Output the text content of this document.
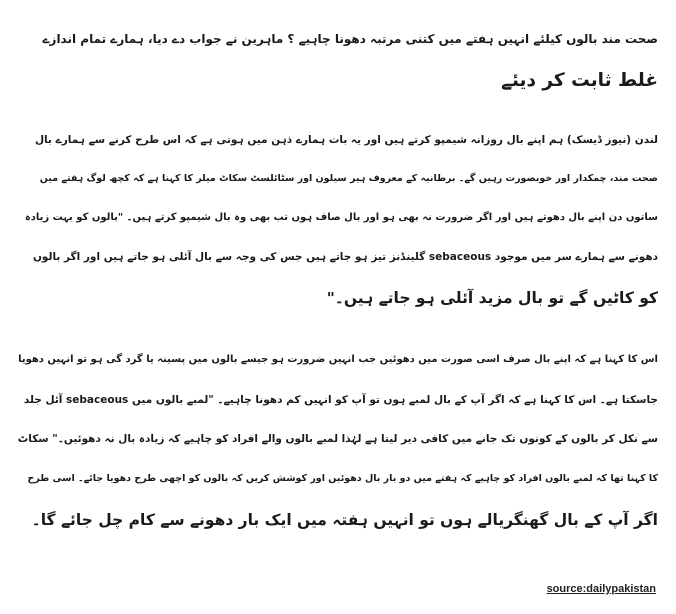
صحت مند بالوں کیلئے انہیں ہفتے میں کتنی مرتبہ دھونا چاہیے ؟ ماہرین نے جواب دے دیا، ہمارے تمام اندازے
غلط ثابت کر دیئے
لندن (نیوز ڈیسک) ہم اپنے بال روزانہ شیمپو کرتے ہیں اور یہ بات ہمارے ذہن میں ہوتی ہے کہ اس طرح کرنے سے ہمارے بال
صحت مند، چمکدار اور خوبصورت رہیں گے۔ برطانیہ کے معروف ہیر سیلون اور سٹائلسٹ سکاٹ میلر کا کہنا ہے کہ کچھ لوگ ہفتے میں
ساتوں دن اپنے بال دھوتے ہیں اور اگر ضرورت نہ بھی ہو اور بال صاف ہوں تب بھی وہ بال شیمپو کرتے ہیں۔ "بالوں کو بہت زیادہ
دھونے سے ہمارے سر میں موجود sebaceous گلینڈنز تیز ہو جاتے ہیں جس کی وجہ سے بال آئلی ہو جاتے ہیں اور اگر بالوں
کو کاٹیں گے تو بال مزید آئلی ہو جاتے ہیں۔"
اس کا کہنا ہے کہ اپنے بال صرف اسی صورت میں دھوئیں جب انہیں ضرورت ہو جیسے بالوں میں پسینہ یا گرد گی ہو تو انہیں دھویا
جاسکتا ہے۔ اس کا کہنا ہے کہ اگر آپ کے بال لمبے ہوں تو آپ کو انہیں کم دھونا چاہیے۔ "لمبے بالوں میں sebaceous آئل جلد
سے نکل کر بالوں کے کونوں تک جانے میں کافی دیر لیتا ہے لہٰذا لمبے بالوں والے افراد کو چاہیے کہ زیادہ بال نہ دھوئیں۔" سکاٹ
کا کہنا تھا کہ لمبے بالوں افراد کو چاہیے کہ ہفتے میں دو بار بال دھوئیں اور کوشش کریں کہ بالوں کو اچھی طرح دھویا جائے۔ اسی طرح
اگر آپ کے بال گھنگریالے ہوں تو انہیں ہفتہ میں ایک بار دھونے سے کام چل جائے گا۔
source:dailypakistan
